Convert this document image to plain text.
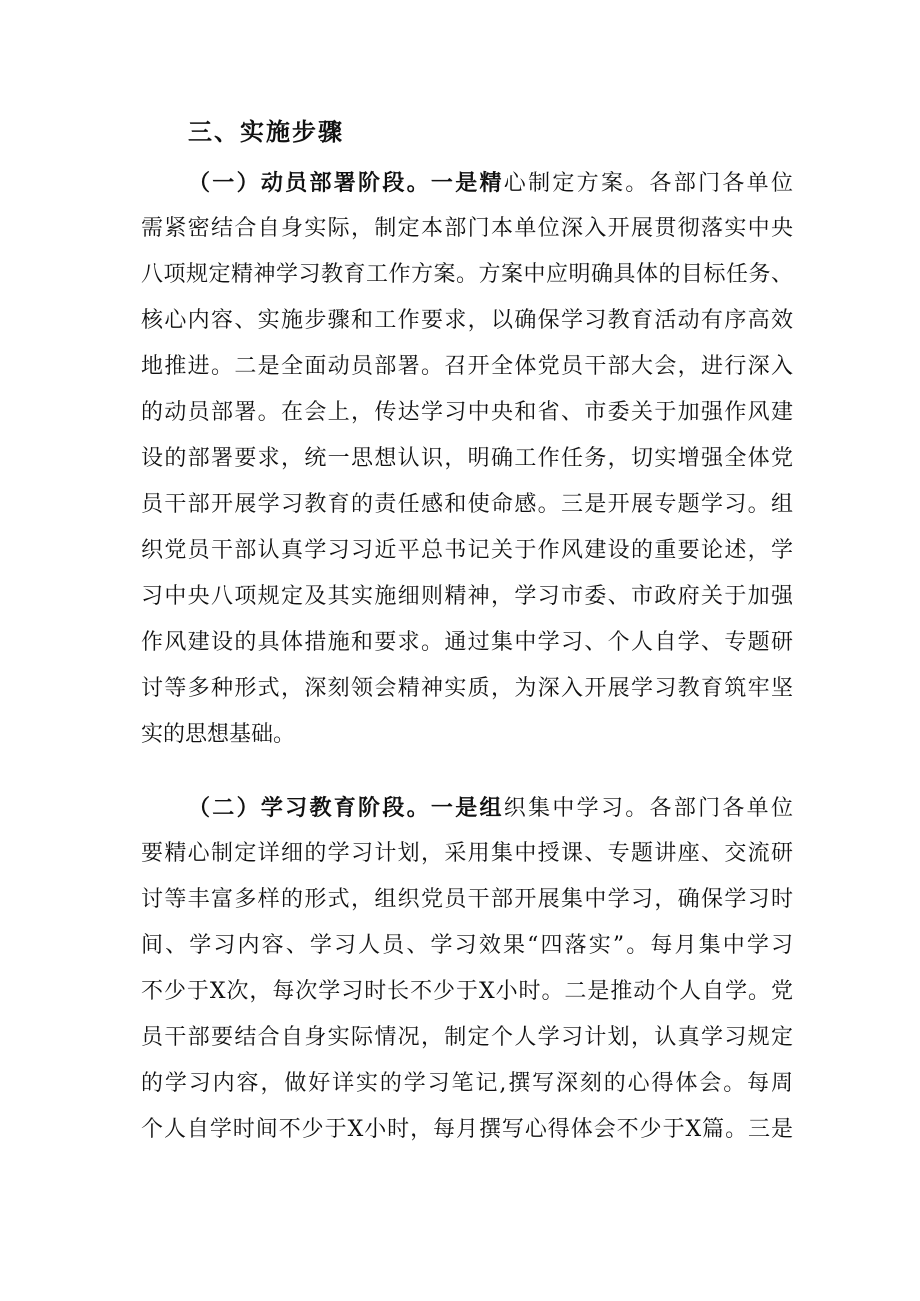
三、实施步骤
（一）动员部署阶段。一是精心制定方案。各部门各单位
需紧密结合自身实际，制定本部门本单位深入开展贯彻落实中央
八项规定精神学习教育工作方案。方案中应明确具体的目标任务、
核心内容、实施步骤和工作要求，以确保学习教育活动有序高效
地推进。二是全面动员部署。召开全体党员干部大会，进行深入
的动员部署。在会上，传达学习中央和省、市委关于加强作风建
设的部署要求，统一思想认识，明确工作任务，切实增强全体党
员干部开展学习教育的责任感和使命感。三是开展专题学习。组
织党员干部认真学习习近平总书记关于作风建设的重要论述，学
习中央八项规定及其实施细则精神，学习市委、市政府关于加强
作风建设的具体措施和要求。通过集中学习、个人自学、专题研
讨等多种形式，深刻领会精神实质，为深入开展学习教育筑牢坚
实的思想基础。
（二）学习教育阶段。一是组织集中学习。各部门各单位
要精心制定详细的学习计划，采用集中授课、专题讲座、交流研
讨等丰富多样的形式，组织党员干部开展集中学习，确保学习时
间、学习内容、学习人员、学习效果“四落实”。每月集中学习
不少于X次，每次学习时长不少于X小时。二是推动个人自学。党
员干部要结合自身实际情况，制定个人学习计划，认真学习规定
的学习内容，做好详实的学习笔记,撰写深刻的心得体会。每周
个人自学时间不少于X小时，每月撰写心得体会不少于X篇。三是
